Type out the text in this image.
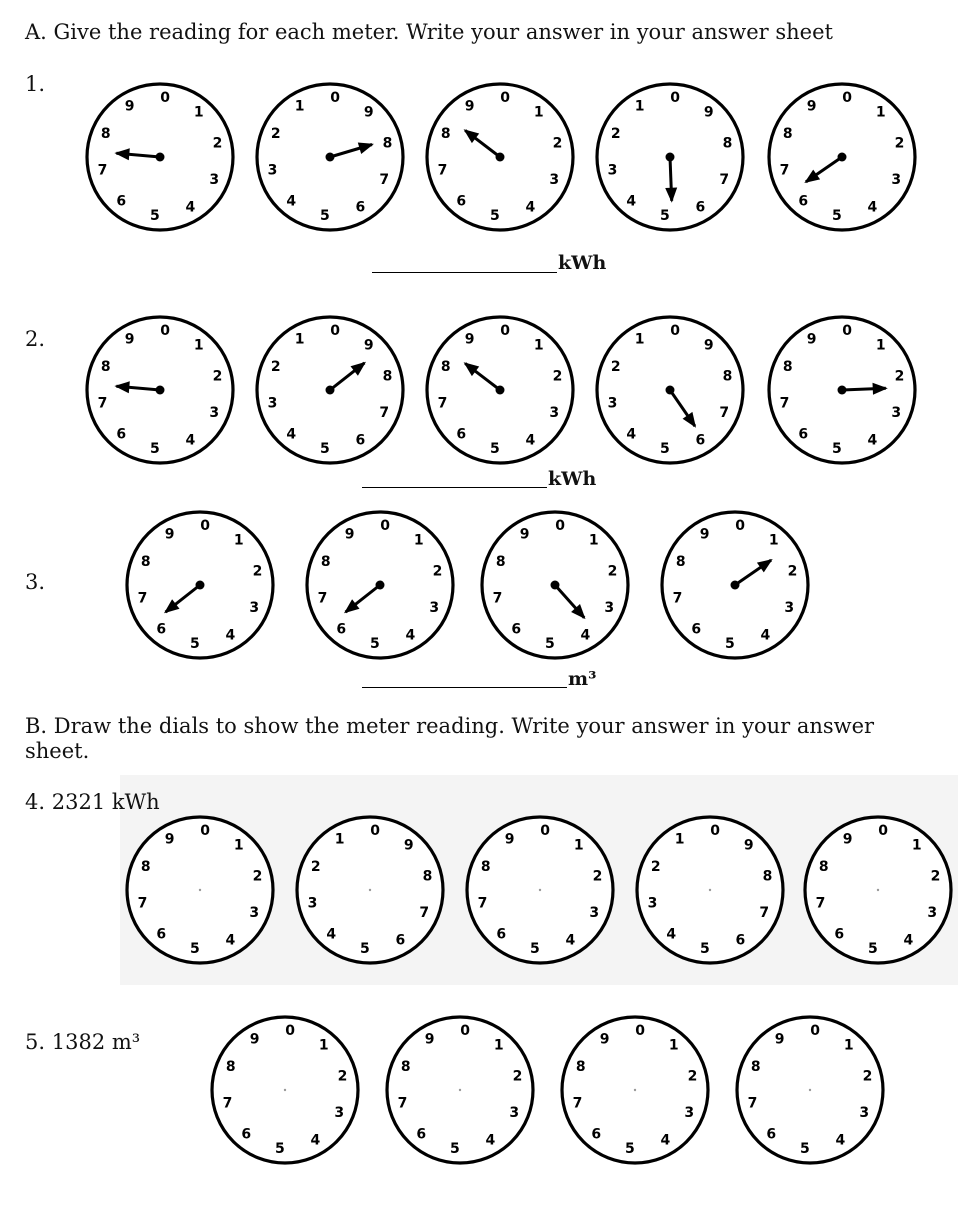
A. Give the reading for each meter. Write your answer in your answer sheet
1.
2.
3.
kWh
kWh
m³
B. Draw the dials to show the meter reading. Write your answer in your answer
sheet.
4. 2321 kWh
5. 1382 m³
0
1
2
3
4
5
6
7
8
9
0
9
8
7
6
5
4
3
2
1
0
1
2
3
4
5
6
7
8
9
0
9
8
7
6
5
4
3
2
1
0
1
2
3
4
5
6
7
8
9
0
1
2
3
4
5
6
7
8
9
0
9
8
7
6
5
4
3
2
1
0
1
2
3
4
5
6
7
8
9
0
9
8
7
6
5
4
3
2
1
0
1
2
3
4
5
6
7
8
9
0
1
2
3
4
5
6
7
8
9
0
1
2
3
4
5
6
7
8
9
0
1
2
3
4
5
6
7
8
9
0
1
2
3
4
5
6
7
8
9
0
1
2
3
4
5
6
7
8
9
0
9
8
7
6
5
4
3
2
1
0
1
2
3
4
5
6
7
8
9
0
9
8
7
6
5
4
3
2
1
0
1
2
3
4
5
6
7
8
9
0
1
2
3
4
5
6
7
8
9
0
1
2
3
4
5
6
7
8
9
0
1
2
3
4
5
6
7
8
9
0
1
2
3
4
5
6
7
8
9
